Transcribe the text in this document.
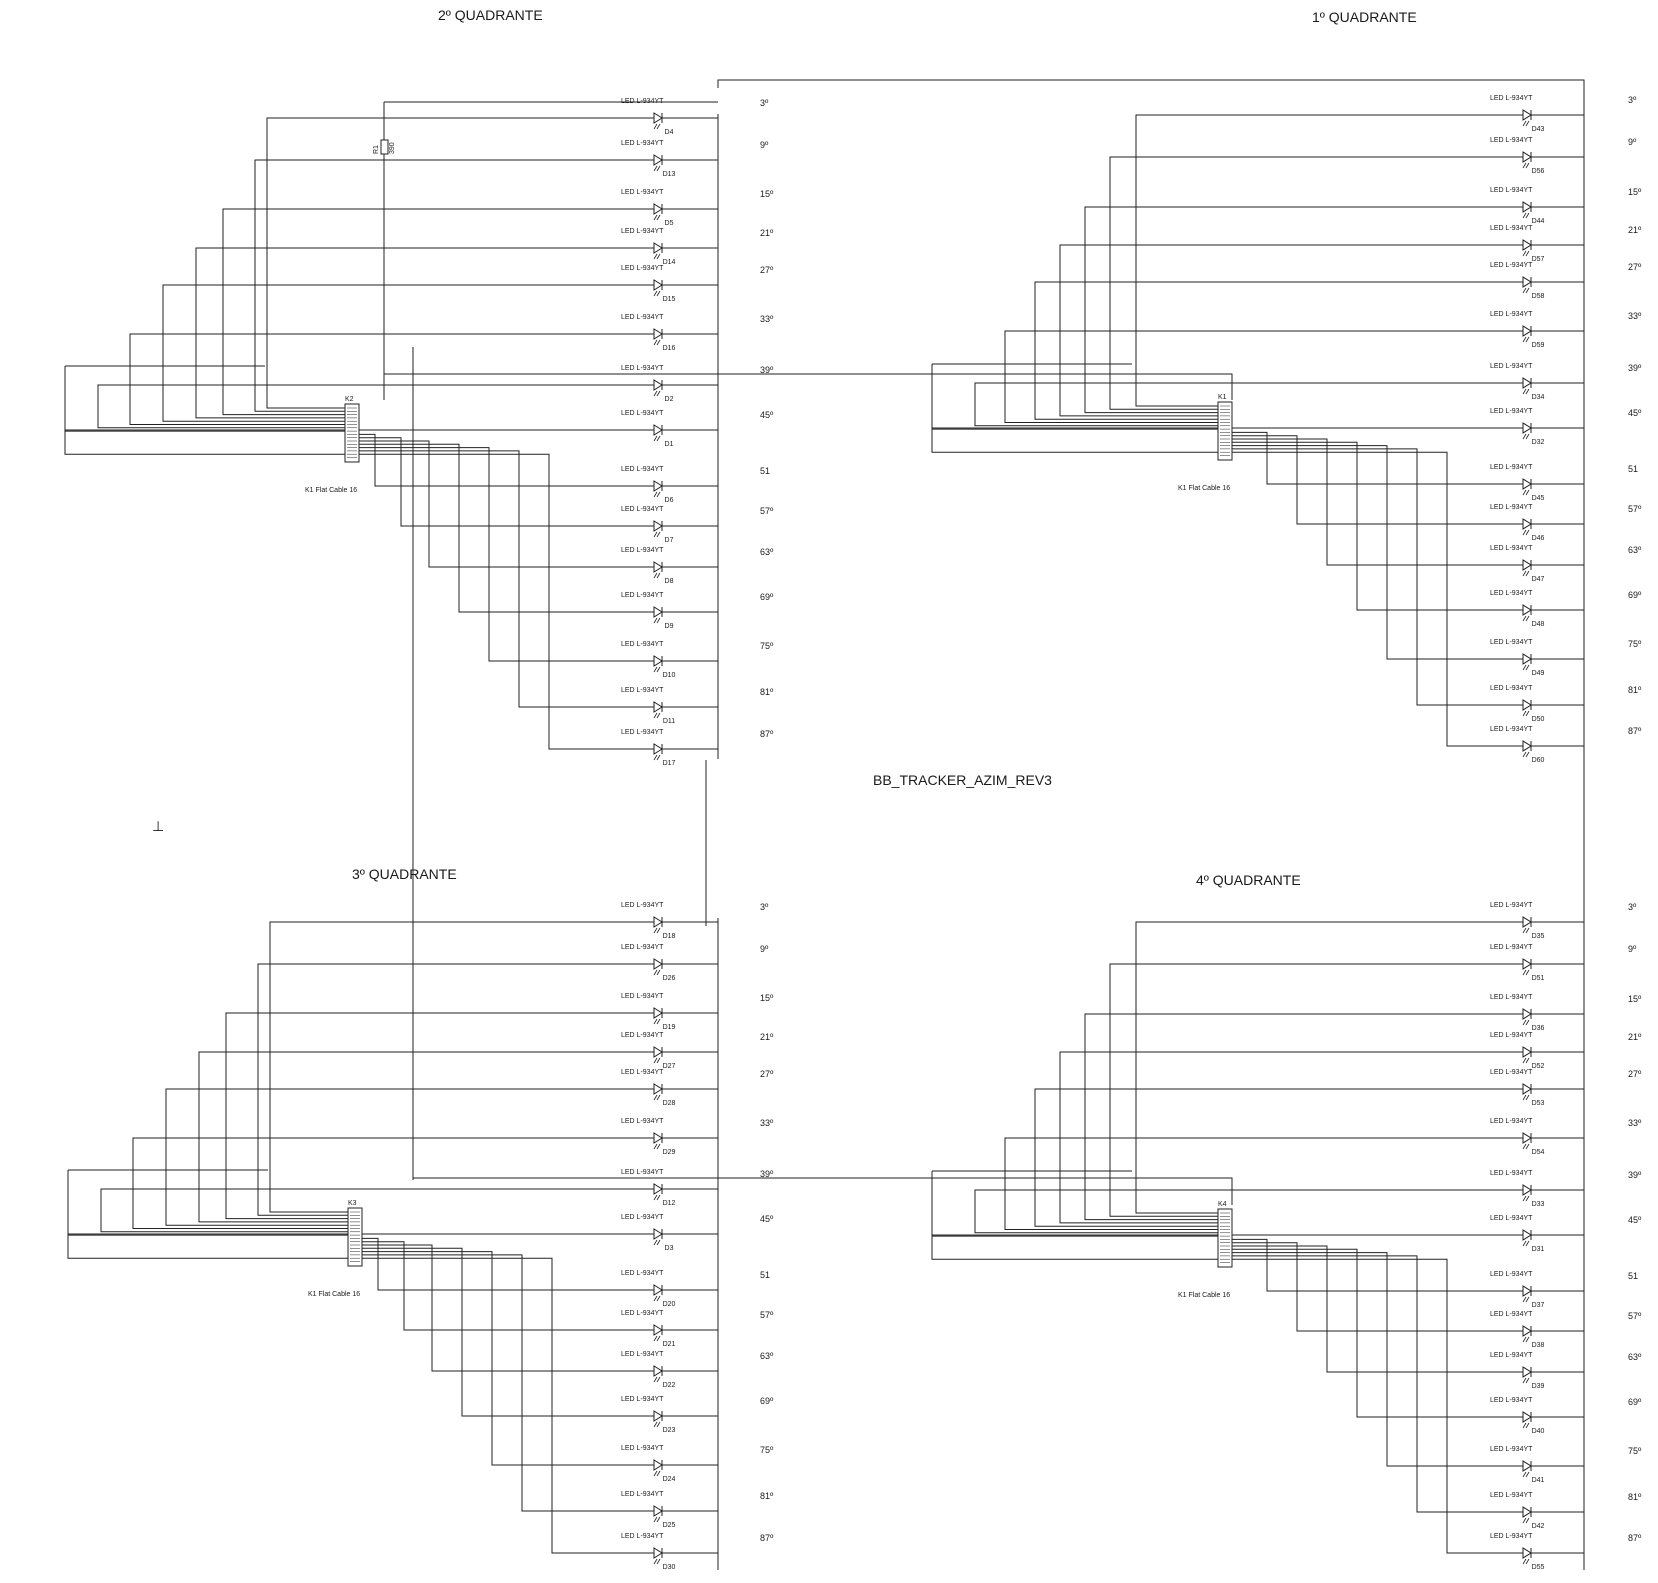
R1 390
LED L-934YT
D4
3º
LED L-934YT
D13
9º
LED L-934YT
D5
15º
LED L-934YT
D14
21º
LED L-934YT
D15
27º
LED L-934YT
D16
33º
LED L-934YT
D2
39º
LED L-934YT
D1
45º
LED L-934YT
D6
51
LED L-934YT
D7
57º
LED L-934YT
D8
63º
LED L-934YT
D9
69º
LED L-934YT
D10
75º
LED L-934YT
D11
81º
LED L-934YT
D17
87º
K2
K1 Flat Cable 16
LED L-934YT
D43
3º
LED L-934YT
D56
9º
LED L-934YT
D44
15º
LED L-934YT
D57
21º
LED L-934YT
D58
27º
LED L-934YT
D59
33º
LED L-934YT
D34
39º
LED L-934YT
D32
45º
LED L-934YT
D45
51
LED L-934YT
D46
57º
LED L-934YT
D47
63º
LED L-934YT
D48
69º
LED L-934YT
D49
75º
LED L-934YT
D50
81º
LED L-934YT
D60
87º
K1
K1 Flat Cable 16
LED L-934YT
D18
3º
LED L-934YT
D26
9º
LED L-934YT
D19
15º
LED L-934YT
D27
21º
LED L-934YT
D28
27º
LED L-934YT
D29
33º
LED L-934YT
D12
39º
LED L-934YT
D3
45º
LED L-934YT
D20
51
LED L-934YT
D21
57º
LED L-934YT
D22
63º
LED L-934YT
D23
69º
LED L-934YT
D24
75º
LED L-934YT
D25
81º
LED L-934YT
D30
87º
K3
K1 Flat Cable 16
LED L-934YT
D35
3º
LED L-934YT
D51
9º
LED L-934YT
D36
15º
LED L-934YT
D52
21º
LED L-934YT
D53
27º
LED L-934YT
D54
33º
LED L-934YT
D33
39º
LED L-934YT
D31
45º
LED L-934YT
D37
51
LED L-934YT
D38
57º
LED L-934YT
D39
63º
LED L-934YT
D40
69º
LED L-934YT
D41
75º
LED L-934YT
D42
81º
LED L-934YT
D55
87º
K4
K1 Flat Cable 16
2º QUADRANTE	1º QUADRANTE
3º QUADRANTE	4º QUADRANTE
BB_TRACKER_AZIM_REV3
⊥
